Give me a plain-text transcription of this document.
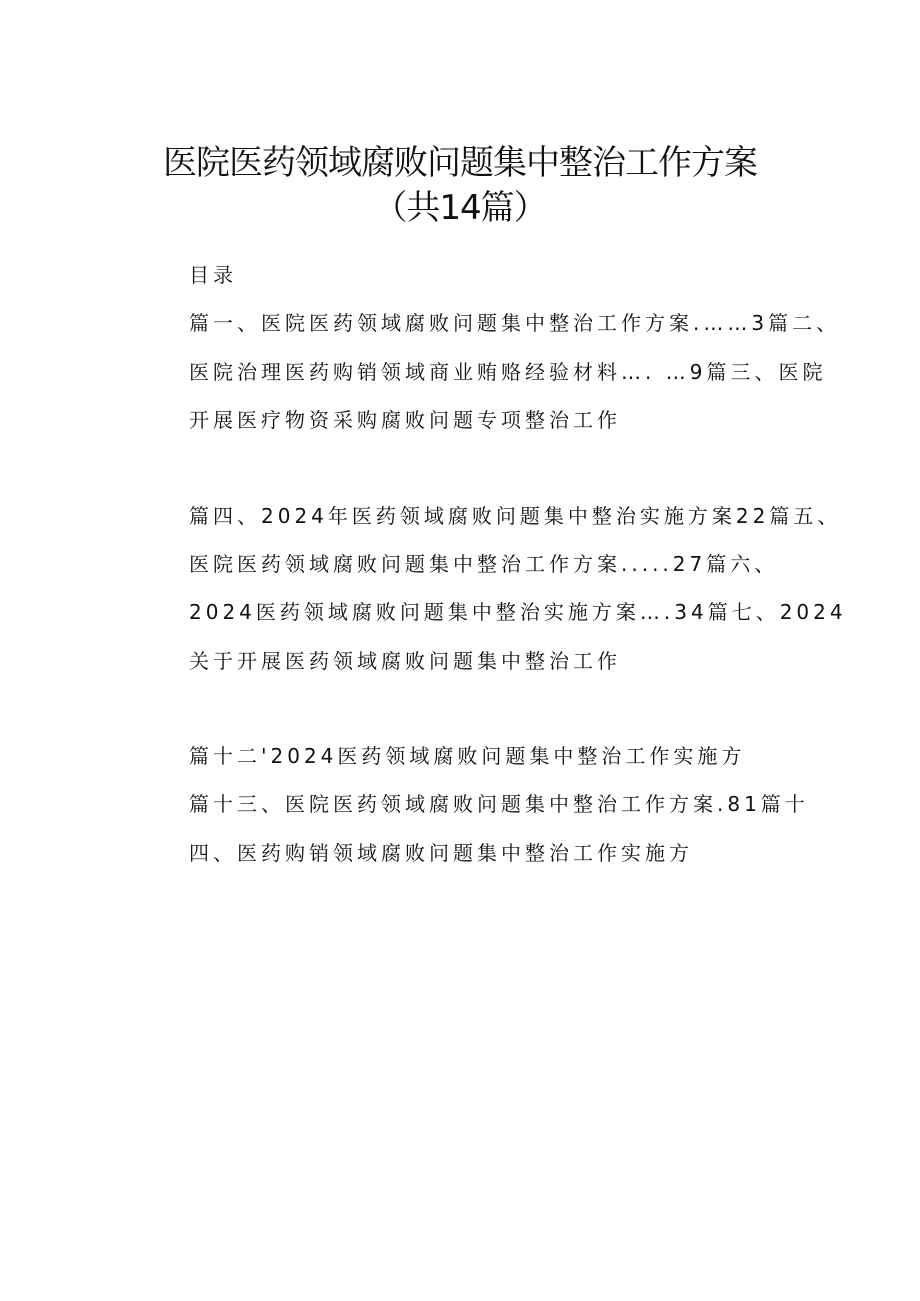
医院医药领域腐败问题集中整治工作方案
（共14篇）
目录
篇一、医院医药领域腐败问题集中整治工作方案.……3篇二、
医院治理医药购销领域商业贿赂经验材料…. …9篇三、医院
开展医疗物资采购腐败问题专项整治工作
篇四、2024年医药领域腐败问题集中整治实施方案22篇五、
医院医药领域腐败问题集中整治工作方案.....27篇六、
2024医药领域腐败问题集中整治实施方案….34篇七、2024
关于开展医药领域腐败问题集中整治工作
篇十二'2024医药领域腐败问题集中整治工作实施方
篇十三、医院医药领域腐败问题集中整治工作方案.81篇十
四、医药购销领域腐败问题集中整治工作实施方
